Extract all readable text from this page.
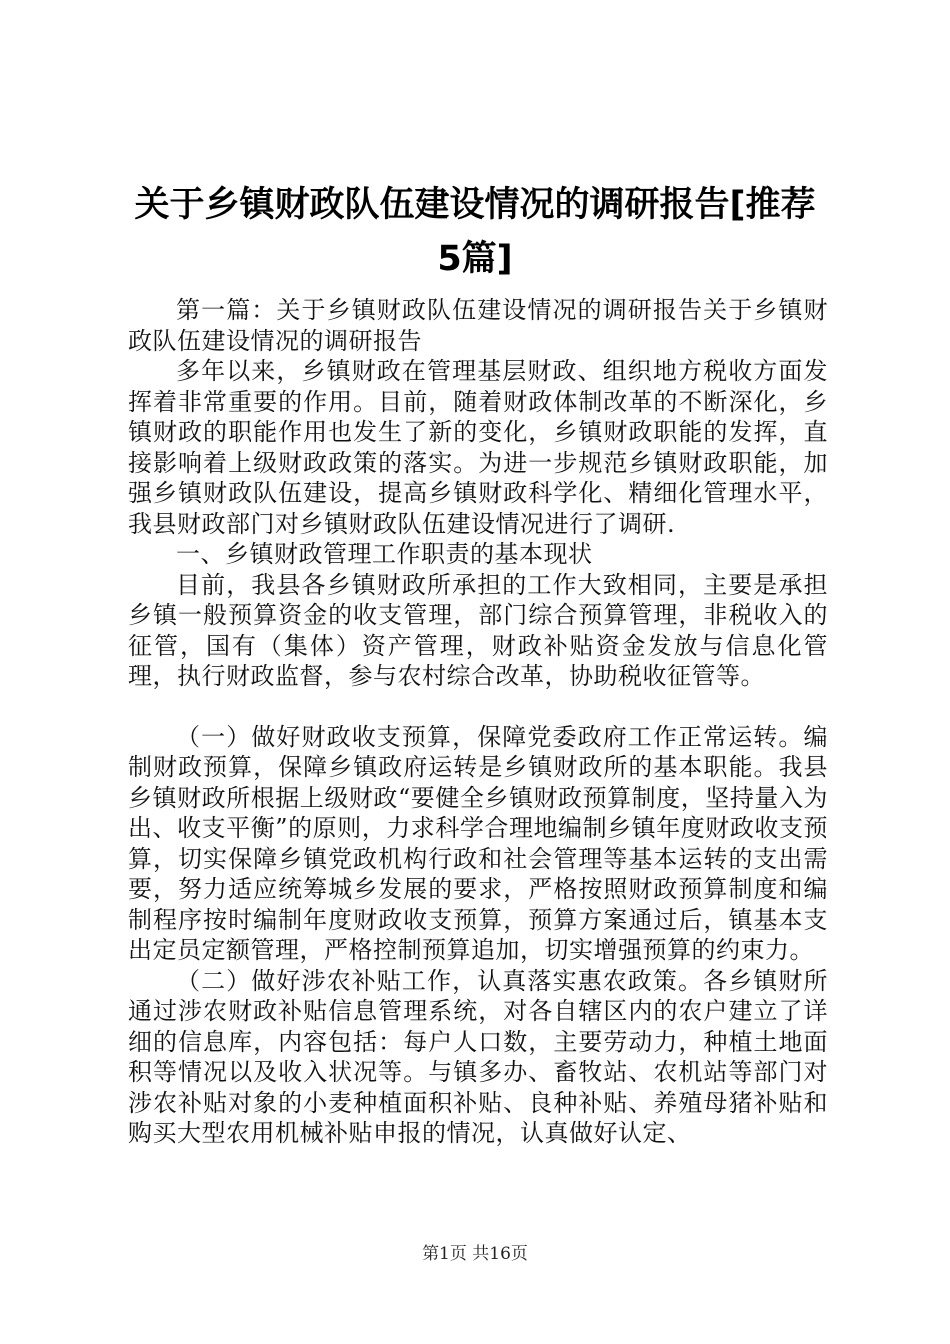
关于乡镇财政队伍建设情况的调研报告[推荐
5篇]

第一篇：关于乡镇财政队伍建设情况的调研报告关于乡镇财政队伍建设情况的调研报告

多年以来，乡镇财政在管理基层财政、组织地方税收方面发挥着非常重要的作用。目前，随着财政体制改革的不断深化，乡镇财政的职能作用也发生了新的变化，乡镇财政职能的发挥，直接影响着上级财政政策的落实。为进一步规范乡镇财政职能，加强乡镇财政队伍建设，提高乡镇财政科学化、精细化管理水平，我县财政部门对乡镇财政队伍建设情况进行了调研.

一、乡镇财政管理工作职责的基本现状

目前，我县各乡镇财政所承担的工作大致相同，主要是承担乡镇一般预算资金的收支管理，部门综合预算管理，非税收入的征管，国有（集体）资产管理，财政补贴资金发放与信息化管理，执行财政监督，参与农村综合改革，协助税收征管等。

（一）做好财政收支预算，保障党委政府工作正常运转。编制财政预算，保障乡镇政府运转是乡镇财政所的基本职能。我县乡镇财政所根据上级财政“要健全乡镇财政预算制度，坚持量入为出、收支平衡”的原则，力求科学合理地编制乡镇年度财政收支预算，切实保障乡镇党政机构行政和社会管理等基本运转的支出需要，努力适应统筹城乡发展的要求，严格按照财政预算制度和编制程序按时编制年度财政收支预算，预算方案通过后，镇基本支出定员定额管理，严格控制预算追加，切实增强预算的约束力。

（二）做好涉农补贴工作，认真落实惠农政策。各乡镇财所通过涉农财政补贴信息管理系统，对各自辖区内的农户建立了详细的信息库，内容包括：每户人口数，主要劳动力，种植土地面积等情况以及收入状况等。与镇多办、畜牧站、农机站等部门对涉农补贴对象的小麦种植面积补贴、良种补贴、养殖母猪补贴和购买大型农用机械补贴申报的情况，认真做好认定、

第1页 共16页
